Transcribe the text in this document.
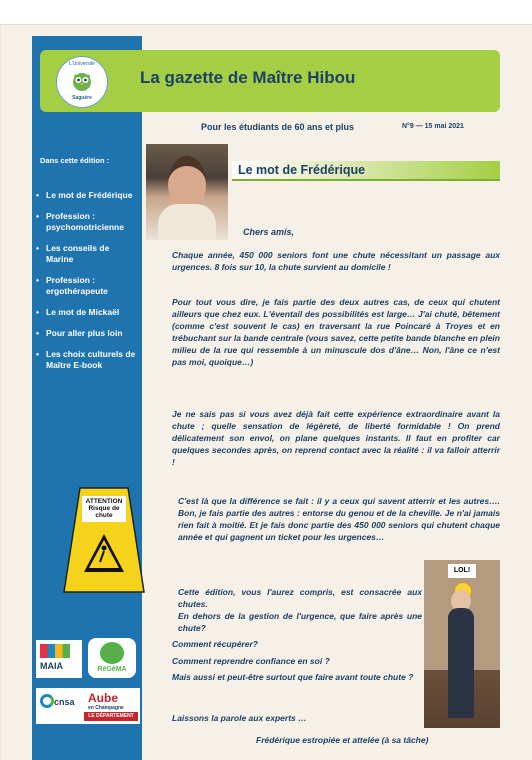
L'Université
Saguère
La gazette de Maître Hibou
Pour les étudiants de 60 ans et plus	N°9 — 15 mai 2021
Dans cette édition :
• Le mot de Frédérique
• Profession : psychomotricienne
• Les conseils de Marine
• Profession : ergothérapeute
• Le mot de Mickaël
• Pour aller plus loin
• Les choix culturels de Maître E-book
Le mot de Frédérique

Chers amis,

Chaque année, 450 000 seniors font une chute nécessitant un passage aux urgences. 8 fois sur 10, la chute survient au domicile !

Pour tout vous dire, je fais partie des deux autres cas, de ceux qui chutent ailleurs que chez eux. L'éventail des possibilités est large… J'ai chuté, bêtement (comme c'est souvent le cas) en traversant la rue Poincaré à Troyes et en trébuchant sur la bande centrale (vous savez, cette petite bande blanche en plein milieu de la rue qui ressemble à un minuscule dos d'âne… Non, l'âne ce n'est pas moi, quoique…)

Je ne sais pas si vous avez déjà fait cette expérience extraordinaire avant la chute ; quelle sensation de légèreté, de liberté formidable ! On prend délicatement son envol, on plane quelques instants. Il faut en profiter car quelques secondes après, on reprend contact avec la réalité : il va falloir atterrir !

C'est là que la différence se fait : il y a ceux qui savent atterrir et les autres…. Bon, je fais partie des autres : entorse du genou et de la cheville. Je n'ai jamais rien fait à moitié. Et je fais donc partie des 450 000 seniors qui chutent chaque année et qui gagnent un ticket pour les urgences…

Cette édition, vous l'aurez compris, est consacrée aux chutes.

En dehors de la gestion de l'urgence, que faire après une chute?

Comment récupérer?

Comment reprendre confiance en soi ?

Mais aussi et peut-être surtout que faire avant toute chute ?

Laissons la parole aux experts …

Frédérique estropiée et attelée (à sa tâche)

ATTENTION
Risque de chute
LOL!
MAIA	RéGéMA
cnsa Aube
en Champagne
LE DÉPARTEMENT
